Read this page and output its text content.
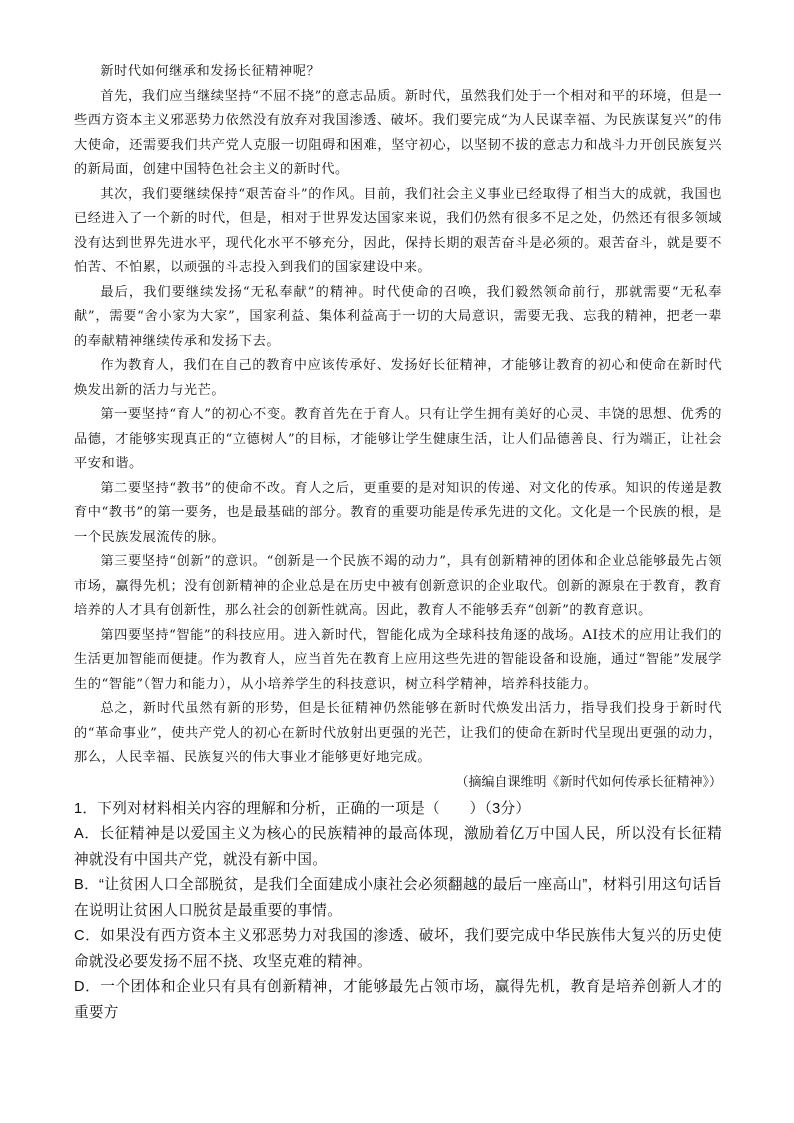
新时代如何继承和发扬长征精神呢？

首先，我们应当继续坚持“不屈不挠”的意志品质。新时代，虽然我们处于一个相对和平的环境，但是一些西方资本主义邪恶势力依然没有放弃对我国渗透、破坏。我们要完成“为人民谋幸福、为民族谋复兴”的伟大使命，还需要我们共产党人克服一切阻碍和困难，坚守初心，以坚韧不拔的意志力和战斗力开创民族复兴的新局面，创建中国特色社会主义的新时代。

其次，我们要继续保持“艰苦奋斗”的作风。目前，我们社会主义事业已经取得了相当大的成就，我国也已经进入了一个新的时代，但是，相对于世界发达国家来说，我们仍然有很多不足之处，仍然还有很多领域没有达到世界先进水平，现代化水平不够充分，因此，保持长期的艰苦奋斗是必须的。艰苦奋斗，就是要不怕苦、不怕累，以顽强的斗志投入到我们的国家建设中来。

最后，我们要继续发扬“无私奉献”的精神。时代使命的召唤，我们毅然领命前行，那就需要“无私奉献”，需要“舍小家为大家”，国家利益、集体利益高于一切的大局意识，需要无我、忘我的精神，把老一辈的奉献精神继续传承和发扬下去。

作为教育人，我们在自己的教育中应该传承好、发扬好长征精神，才能够让教育的初心和使命在新时代焕发出新的活力与光芒。

第一要坚持“育人”的初心不变。教育首先在于育人。只有让学生拥有美好的心灵、丰饶的思想、优秀的品德，才能够实现真正的“立德树人”的目标，才能够让学生健康生活，让人们品德善良、行为端正，让社会平安和谐。

第二要坚持“教书”的使命不改。育人之后，更重要的是对知识的传递、对文化的传承。知识的传递是教育中“教书”的第一要务，也是最基础的部分。教育的重要功能是传承先进的文化。文化是一个民族的根，是一个民族发展流传的脉。

第三要坚持“创新”的意识。“创新是一个民族不竭的动力”，具有创新精神的团体和企业总能够最先占领市场，赢得先机；没有创新精神的企业总是在历史中被有创新意识的企业取代。创新的源泉在于教育，教育培养的人才具有创新性，那么社会的创新性就高。因此，教育人不能够丢弃“创新”的教育意识。

第四要坚持“智能”的科技应用。进入新时代，智能化成为全球科技角逐的战场。AI技术的应用让我们的生活更加智能而便捷。作为教育人，应当首先在教育上应用这些先进的智能设备和设施，通过“智能”发展学生的“智能”（智力和能力），从小培养学生的科技意识，树立科学精神，培养科技能力。

总之，新时代虽然有新的形势，但是长征精神仍然能够在新时代焕发出活力，指导我们投身于新时代的“革命事业”，使共产党人的初心在新时代放射出更强的光芒，让我们的使命在新时代呈现出更强的动力，那么，人民幸福、民族复兴的伟大事业才能够更好地完成。

（摘编自课维明《新时代如何传承长征精神》）

1．下列对材料相关内容的理解和分析，正确的一项是（　　）（3分）

A．长征精神是以爱国主义为核心的民族精神的最高体现，激励着亿万中国人民，所以没有长征精神就没有中国共产党，就没有新中国。

B．“让贫困人口全部脱贫，是我们全面建成小康社会必须翻越的最后一座高山”，材料引用这句话旨在说明让贫困人口脱贫是最重要的事情。

C．如果没有西方资本主义邪恶势力对我国的渗透、破坏，我们要完成中华民族伟大复兴的历史使命就没必要发扬不屈不挠、攻坚克难的精神。

D．一个团体和企业只有具有创新精神，才能够最先占领市场，赢得先机，教育是培养创新人才的重要方
